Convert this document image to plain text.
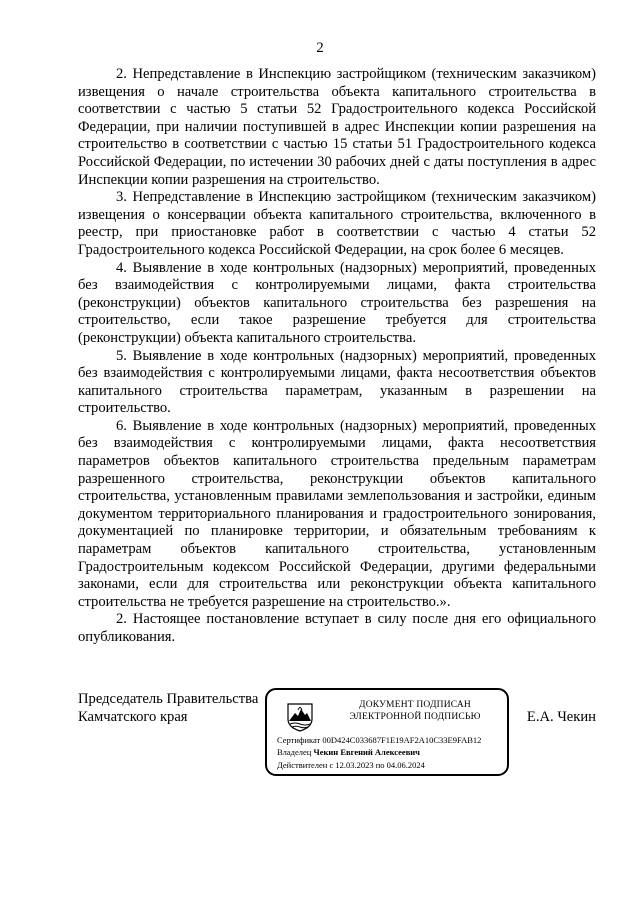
2

2. Непредставление в Инспекцию застройщиком (техническим заказчиком) извещения о начале строительства объекта капитального строительства в соответствии с частью 5 статьи 52 Градостроительного кодекса Российской Федерации, при наличии поступившей в адрес Инспекции копии разрешения на строительство в соответствии с частью 15 статьи 51 Градостроительного кодекса Российской Федерации, по истечении 30 рабочих дней с даты поступления в адрес Инспекции копии разрешения на строительство.

3. Непредставление в Инспекцию застройщиком (техническим заказчиком) извещения о консервации объекта капитального строительства, включенного в реестр, при приостановке работ в соответствии с частью 4 статьи 52 Градостроительного кодекса Российской Федерации, на срок более 6 месяцев.

4. Выявление в ходе контрольных (надзорных) мероприятий, проведенных без взаимодействия с контролируемыми лицами, факта строительства (реконструкции) объектов капитального строительства без разрешения на строительство, если такое разрешение требуется для строительства (реконструкции) объекта капитального строительства.

5. Выявление в ходе контрольных (надзорных) мероприятий, проведенных без взаимодействия с контролируемыми лицами, факта несоответствия объектов капитального строительства параметрам, указанным в разрешении на строительство.

6. Выявление в ходе контрольных (надзорных) мероприятий, проведенных без взаимодействия с контролируемыми лицами, факта несоответствия параметров объектов капитального строительства предельным параметрам разрешенного строительства, реконструкции объектов капитального строительства, установленным правилами землепользования и застройки, единым документом территориального планирования и градостроительного зонирования, документацией по планировке территории, и обязательным требованиям к параметрам объектов капитального строительства, установленным Градостроительным кодексом Российской Федерации, другими федеральными законами, если для строительства или реконструкции объекта капитального строительства не требуется разрешение на строительство.».

2. Настоящее постановление вступает в силу после дня его официального опубликования.

Председатель Правительства
Камчатского края
ДОКУМЕНТ ПОДПИСАН
ЭЛЕКТРОННОЙ ПОДПИСЬЮ
Сертификат 00D424C033687F1E19AF2A10C33E9FAB12
Владелец Чекин Евгений Алексеевич
Действителен с 12.03.2023 по 04.06.2024
Е.А. Чекин
